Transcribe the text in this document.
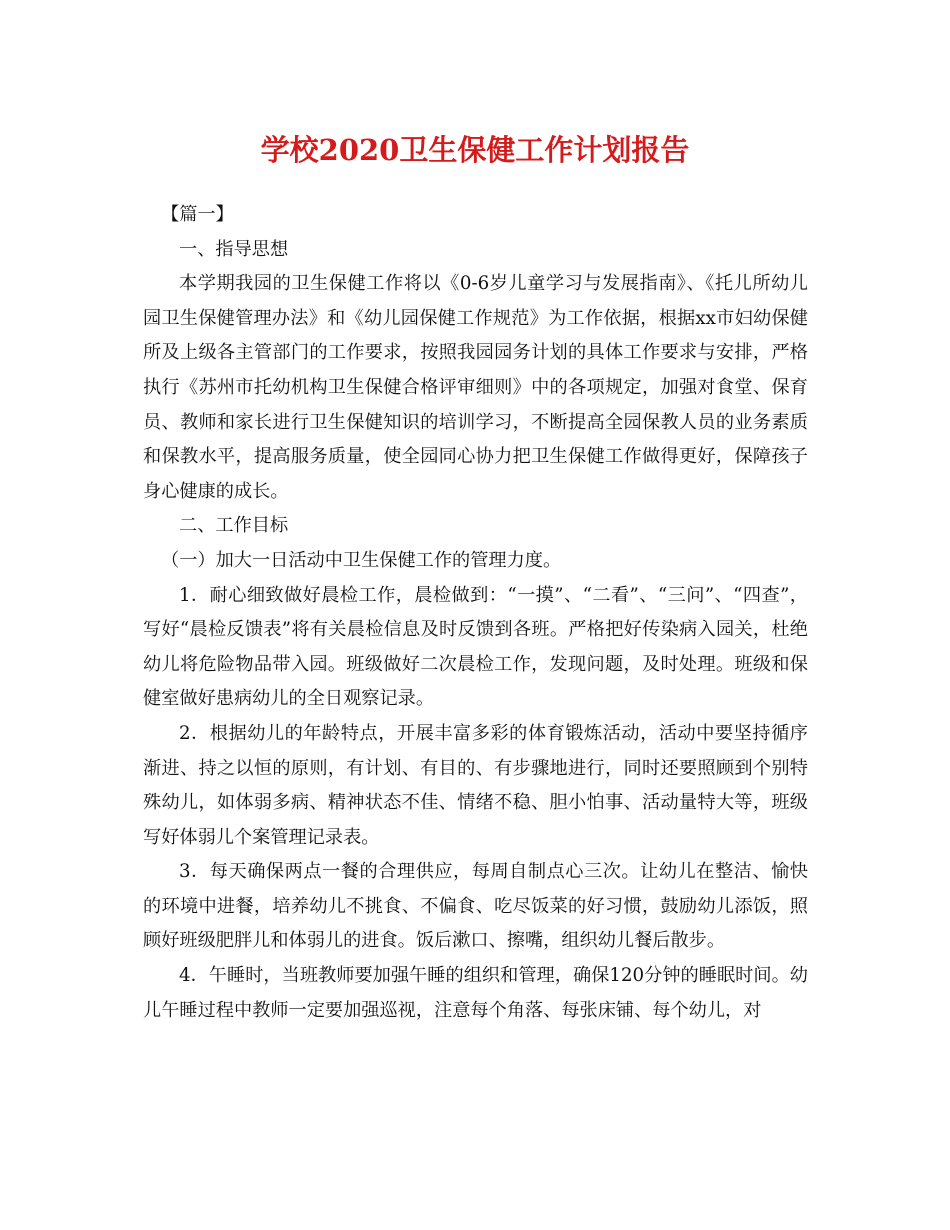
学校2020卫生保健工作计划报告

【篇一】

一、指导思想

本学期我园的卫生保健工作将以《0-6岁儿童学习与发展指南》、《托儿所幼儿园卫生保健管理办法》和《幼儿园保健工作规范》为工作依据，根据xx市妇幼保健所及上级各主管部门的工作要求，按照我园园务计划的具体工作要求与安排，严格执行《苏州市托幼机构卫生保健合格评审细则》中的各项规定，加强对食堂、保育员、教师和家长进行卫生保健知识的培训学习，不断提高全园保教人员的业务素质和保教水平，提高服务质量，使全园同心协力把卫生保健工作做得更好，保障孩子身心健康的成长。

二、工作目标

（一）加大一日活动中卫生保健工作的管理力度。

1．耐心细致做好晨检工作，晨检做到：“一摸”、“二看”、“三问”、“四查”，写好“晨检反馈表”将有关晨检信息及时反馈到各班。严格把好传染病入园关，杜绝幼儿将危险物品带入园。班级做好二次晨检工作，发现问题，及时处理。班级和保健室做好患病幼儿的全日观察记录。

2．根据幼儿的年龄特点，开展丰富多彩的体育锻炼活动，活动中要坚持循序渐进、持之以恒的原则，有计划、有目的、有步骤地进行，同时还要照顾到个别特殊幼儿，如体弱多病、精神状态不佳、情绪不稳、胆小怕事、活动量特大等，班级写好体弱儿个案管理记录表。

3．每天确保两点一餐的合理供应，每周自制点心三次。让幼儿在整洁、愉快的环境中进餐，培养幼儿不挑食、不偏食、吃尽饭菜的好习惯，鼓励幼儿添饭，照顾好班级肥胖儿和体弱儿的进食。饭后漱口、擦嘴，组织幼儿餐后散步。

4．午睡时，当班教师要加强午睡的组织和管理，确保120分钟的睡眠时间。幼儿午睡过程中教师一定要加强巡视，注意每个角落、每张床铺、每个幼儿，对
